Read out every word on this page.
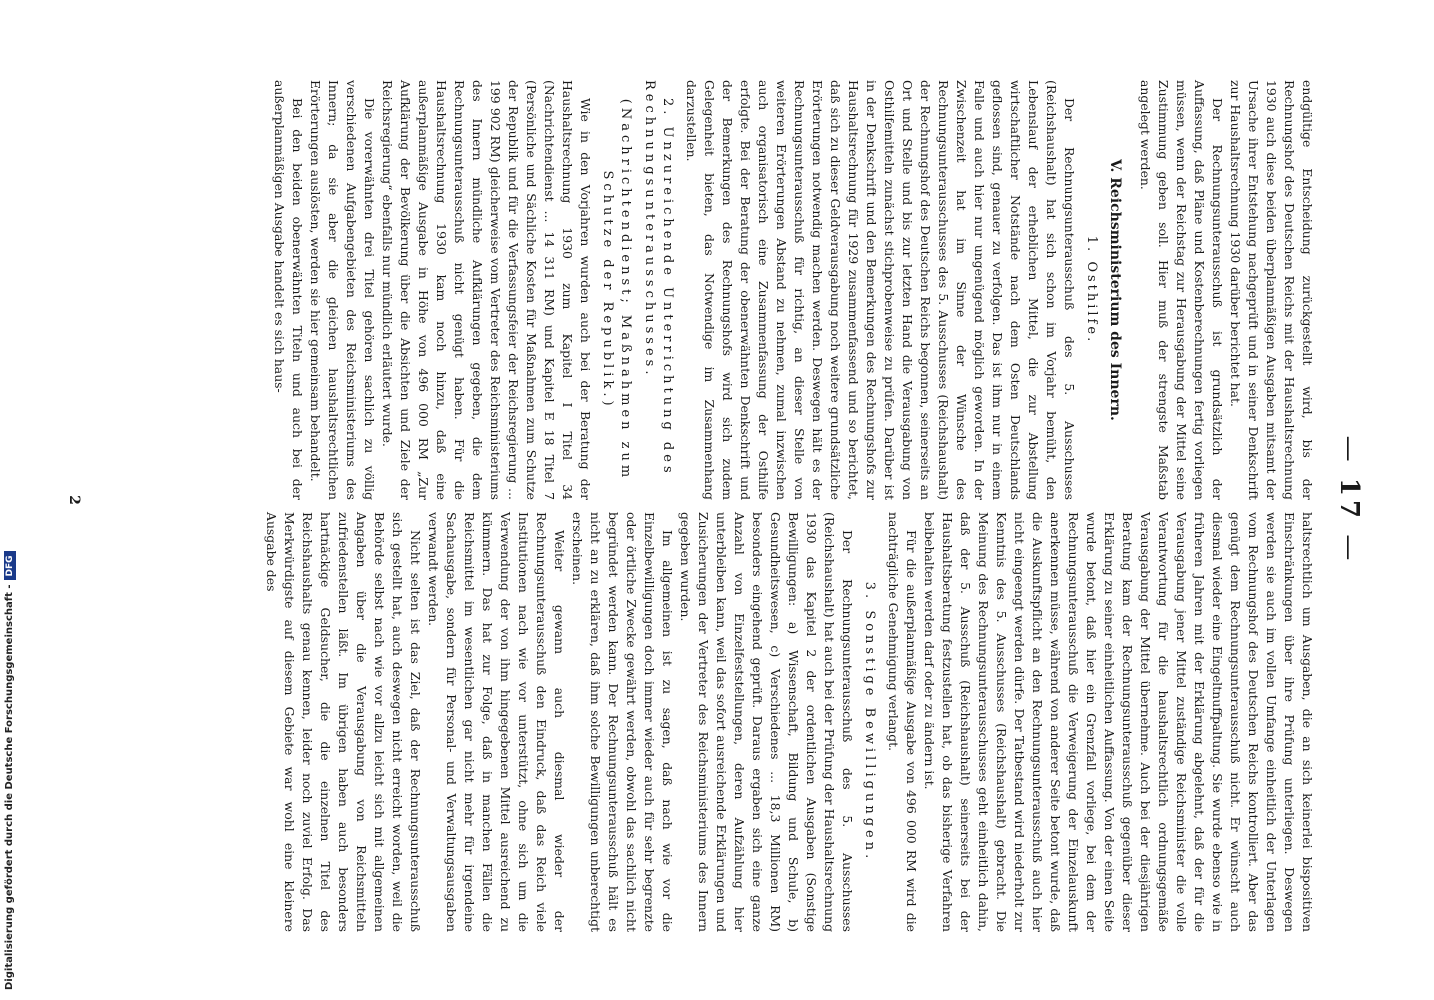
— 17 —

endgültige Entscheidung zurückgestellt wird, bis der Rechnungshof des Deutschen Reichs mit der Haushaltsrechnung 1930 auch diese beiden überplanmäßigen Ausgaben mitsamt der Ursache ihrer Entstehung nachgeprüft und in seiner Denkschrift zur Haushaltsrechnung 1930 darüber berichtet hat.

Der Rechnungsunterausschuß ist grundsätzlich der Auffassung, daß Pläne und Kostenberechnungen fertig vorliegen müssen, wenn der Reichstag zur Herausgabung der Mittel seine Zustimmung geben soll. Hier muß der strengste Maßstab angelegt werden.

V. Reichsministerium des Innern.
1. Osthilfe.

Der Rechnungsunterausschuß des 5. Ausschusses (Reichshaushalt) hat sich schon im Vorjahr bemüht, den Lebenslauf der erheblichen Mittel, die zur Abstellung wirtschaftlicher Notstände nach dem Osten Deutschlands geflossen sind, genauer zu verfolgen. Das ist ihm nur in einem Falle und auch hier nur ungenügend möglich geworden. In der Zwischenzeit hat im Sinne der Wünsche des Rechnungsunterausschusses des 5. Ausschusses (Reichshaushalt) der Rechnungshof des Deutschen Reichs begonnen, seinerseits an Ort und Stelle und bis zur letzten Hand die Verausgabung von Osthilfemitteln zunächst stichprobenweise zu prüfen. Darüber ist in der Denkschrift und den Bemerkungen des Rechnungshofs zur Haushaltsrechnung für 1929 zusammenfassend und so berichtet, daß sich zu dieser Geldverausgabung noch weitere grundsätzliche Erörterungen notwendig machen werden. Deswegen hält es der Rechnungsunterausschuß für richtig, an dieser Stelle von weiteren Erörterungen Abstand zu nehmen, zumal inzwischen auch organisatorisch eine Zusammenfassung der Osthilfe erfolgte. Bei der Beratung der obenerwähnten Denkschrift und der Bemerkungen des Rechnungshofs wird sich zudem Gelegenheit bieten, das Notwendige im Zusammenhang darzustellen.

2. Unzureichende Unterrichtung des Rechnungsunterausschusses.
(Nachrichtendienst; Maßnahmen zum Schutze der Republik.)

Wie in den Vorjahren wurden auch bei der Beratung der Haushaltsrechnung 1930 zum Kapitel I Titel 34 (Nachrichtendienst ... 14 311 RM) und Kapitel E 18 Titel 7 (Persönliche und Sächliche Kosten für Maßnahmen zum Schutze der Republik und für die Verfassungsfeier der Reichsregierung ... 199 902 RM) gleicherweise vom Vertreter des Reichsministeriums des Innern mündliche Aufklärungen gegeben, die dem Rechnungsunterausschuß nicht genügt haben. Für die Haushaltsrechnung 1930 kam noch hinzu, daß eine außerplanmäßige Ausgabe in Höhe von 496 000 RM „Zur Aufklärung der Bevölkerung über die Absichten und Ziele der Reichsregierung“ ebenfalls nur mündlich erläutert wurde.

Die vorerwähnten drei Titel gehören sachlich zu völlig verschiedenen Aufgabengebieten des Reichsministeriums des Innern; da sie aber die gleichen haushaltsrechtlichen Erörterungen auslösten, werden sie hier gemeinsam behandelt.

Bei den beiden obenerwähnten Titeln und auch bei der außerplanmäßigen Ausgabe handelt es sich haus-

haltsrechtlich um Ausgaben, die an sich keinerlei bispositiven Einschränkungen über ihre Prüfung unterliegen. Deswegen werden sie auch im vollen Umfange einheitlich der Unterlagen vom Rechnungshof des Deutschen Reichs kontrolliert. Aber das genügt dem Rechnungsunterausschuß nicht. Er wünscht auch diesmal wieder eine Eingeltnuffpaltung. Sie wurde ebenso wie in früheren Jahren mit der Erklärung abgelehnt, daß der für die Verausgabung jener Mittel zuständige Reichsminister die volle Verantwortung für die haushaltsrechtlich ordnungsgemäße Verausgabung der Mittel übernehme. Auch bei der diesjährigen Beratung kam der Rechnungsunterausschuß gegenüber dieser Erklärung zu seiner einheitlichen Auffassung. Von der einen Seite wurde betont, daß hier ein Grenzfall vorliege, bei dem der Rechnungsunterausschuß die Verweigerung der Einzelauskunft anerkennen müsse, während von anderer Seite betont wurde, daß die Auskunftspflicht an den Rechnungsunterausschuß auch hier nicht eingeengt werden dürfe. Der Tatbestand wird niederholt zur Kenntnis des 5. Ausschusses (Reichshaushalt) gebracht. Die Meinung des Rechnungsunterausschusses geht einheitlich dahin, daß der 5. Ausschuß (Reichshaushalt) seinerseits bei der Haushaltsberatung festzustellen hat, ob das bisherige Verfahren beibehalten werden darf oder zu ändern ist.

Für die außerplanmäßige Ausgabe von 496 000 RM wird die nachträgliche Genehmigung verlangt.

3. Sonstige Bewilligungen.

Der Rechnungsunterausschuß des 5. Ausschusses (Reichshaushalt) hat auch bei der Prüfung der Haushaltsrechnung 1930 das Kapitel 2 der ordentlichen Ausgaben (Sonstige Bewilligungen: a) Wissenschaft, Bildung und Schule, b) Gesundheitswesen, c) Verschiedenes ... 18,3 Millionen RM) besonders eingehend geprüft. Daraus ergaben sich eine ganze Anzahl von Einzelfeststellungen, deren Aufzählung hier unterbleiben kann, weil das sofort ausreichende Erklärungen und Zusicherungen der Vertreter des Reichsministeriums des Innern gegeben wurden.

Im allgemeinen ist zu sagen, daß nach wie vor die Einzelbewilligungen doch immer wieder auch für sehr begrenzte oder örtliche Zwecke gewährt werden, obwohl das sachlich nicht begründet werden kann. Der Rechnungsunterausschuß hält es nicht an zu erklären, daß ihm solche Bewilligungen unberechtigt erscheinen.

Weiter gewann auch diesmal wieder der Rechnungsunterausschuß den Eindruck, daß das Reich viele Institutionen nach wie vor unterstützt, ohne sich um die Verwendung der von ihm hingegebenen Mittel ausreichend zu kümmern. Das hat zur Folge, daß in manchen Fällen die Reichsmittel im wesentlichen gar nicht mehr für irgendeine Sachausgabe, sondern für Personal- und Verwaltungsausgaben verwandt werden.

Nicht selten ist das Ziel, daß der Rechnungsunterausschuß sich gestellt hat, auch deswegen nicht erreicht worden, weil die Behörde selbst nach wie vor allzu leicht sich mit allgemeinen Angaben über die Verausgabung von Reichsmitteln zufriedenstellen läßt. Im übrigen haben auch besonders hartnäckige Geldsucher, die die einzelnen Titel des Reichshaushalts genau kennen, leider noch zuviel Erfolg. Das Merkwürdigste auf diesem Gebiete war wohl eine kleinere Ausgabe des

2
Digitalisierung gefördert durch die Deutsche Forschungsgemeinschaft -DFG
